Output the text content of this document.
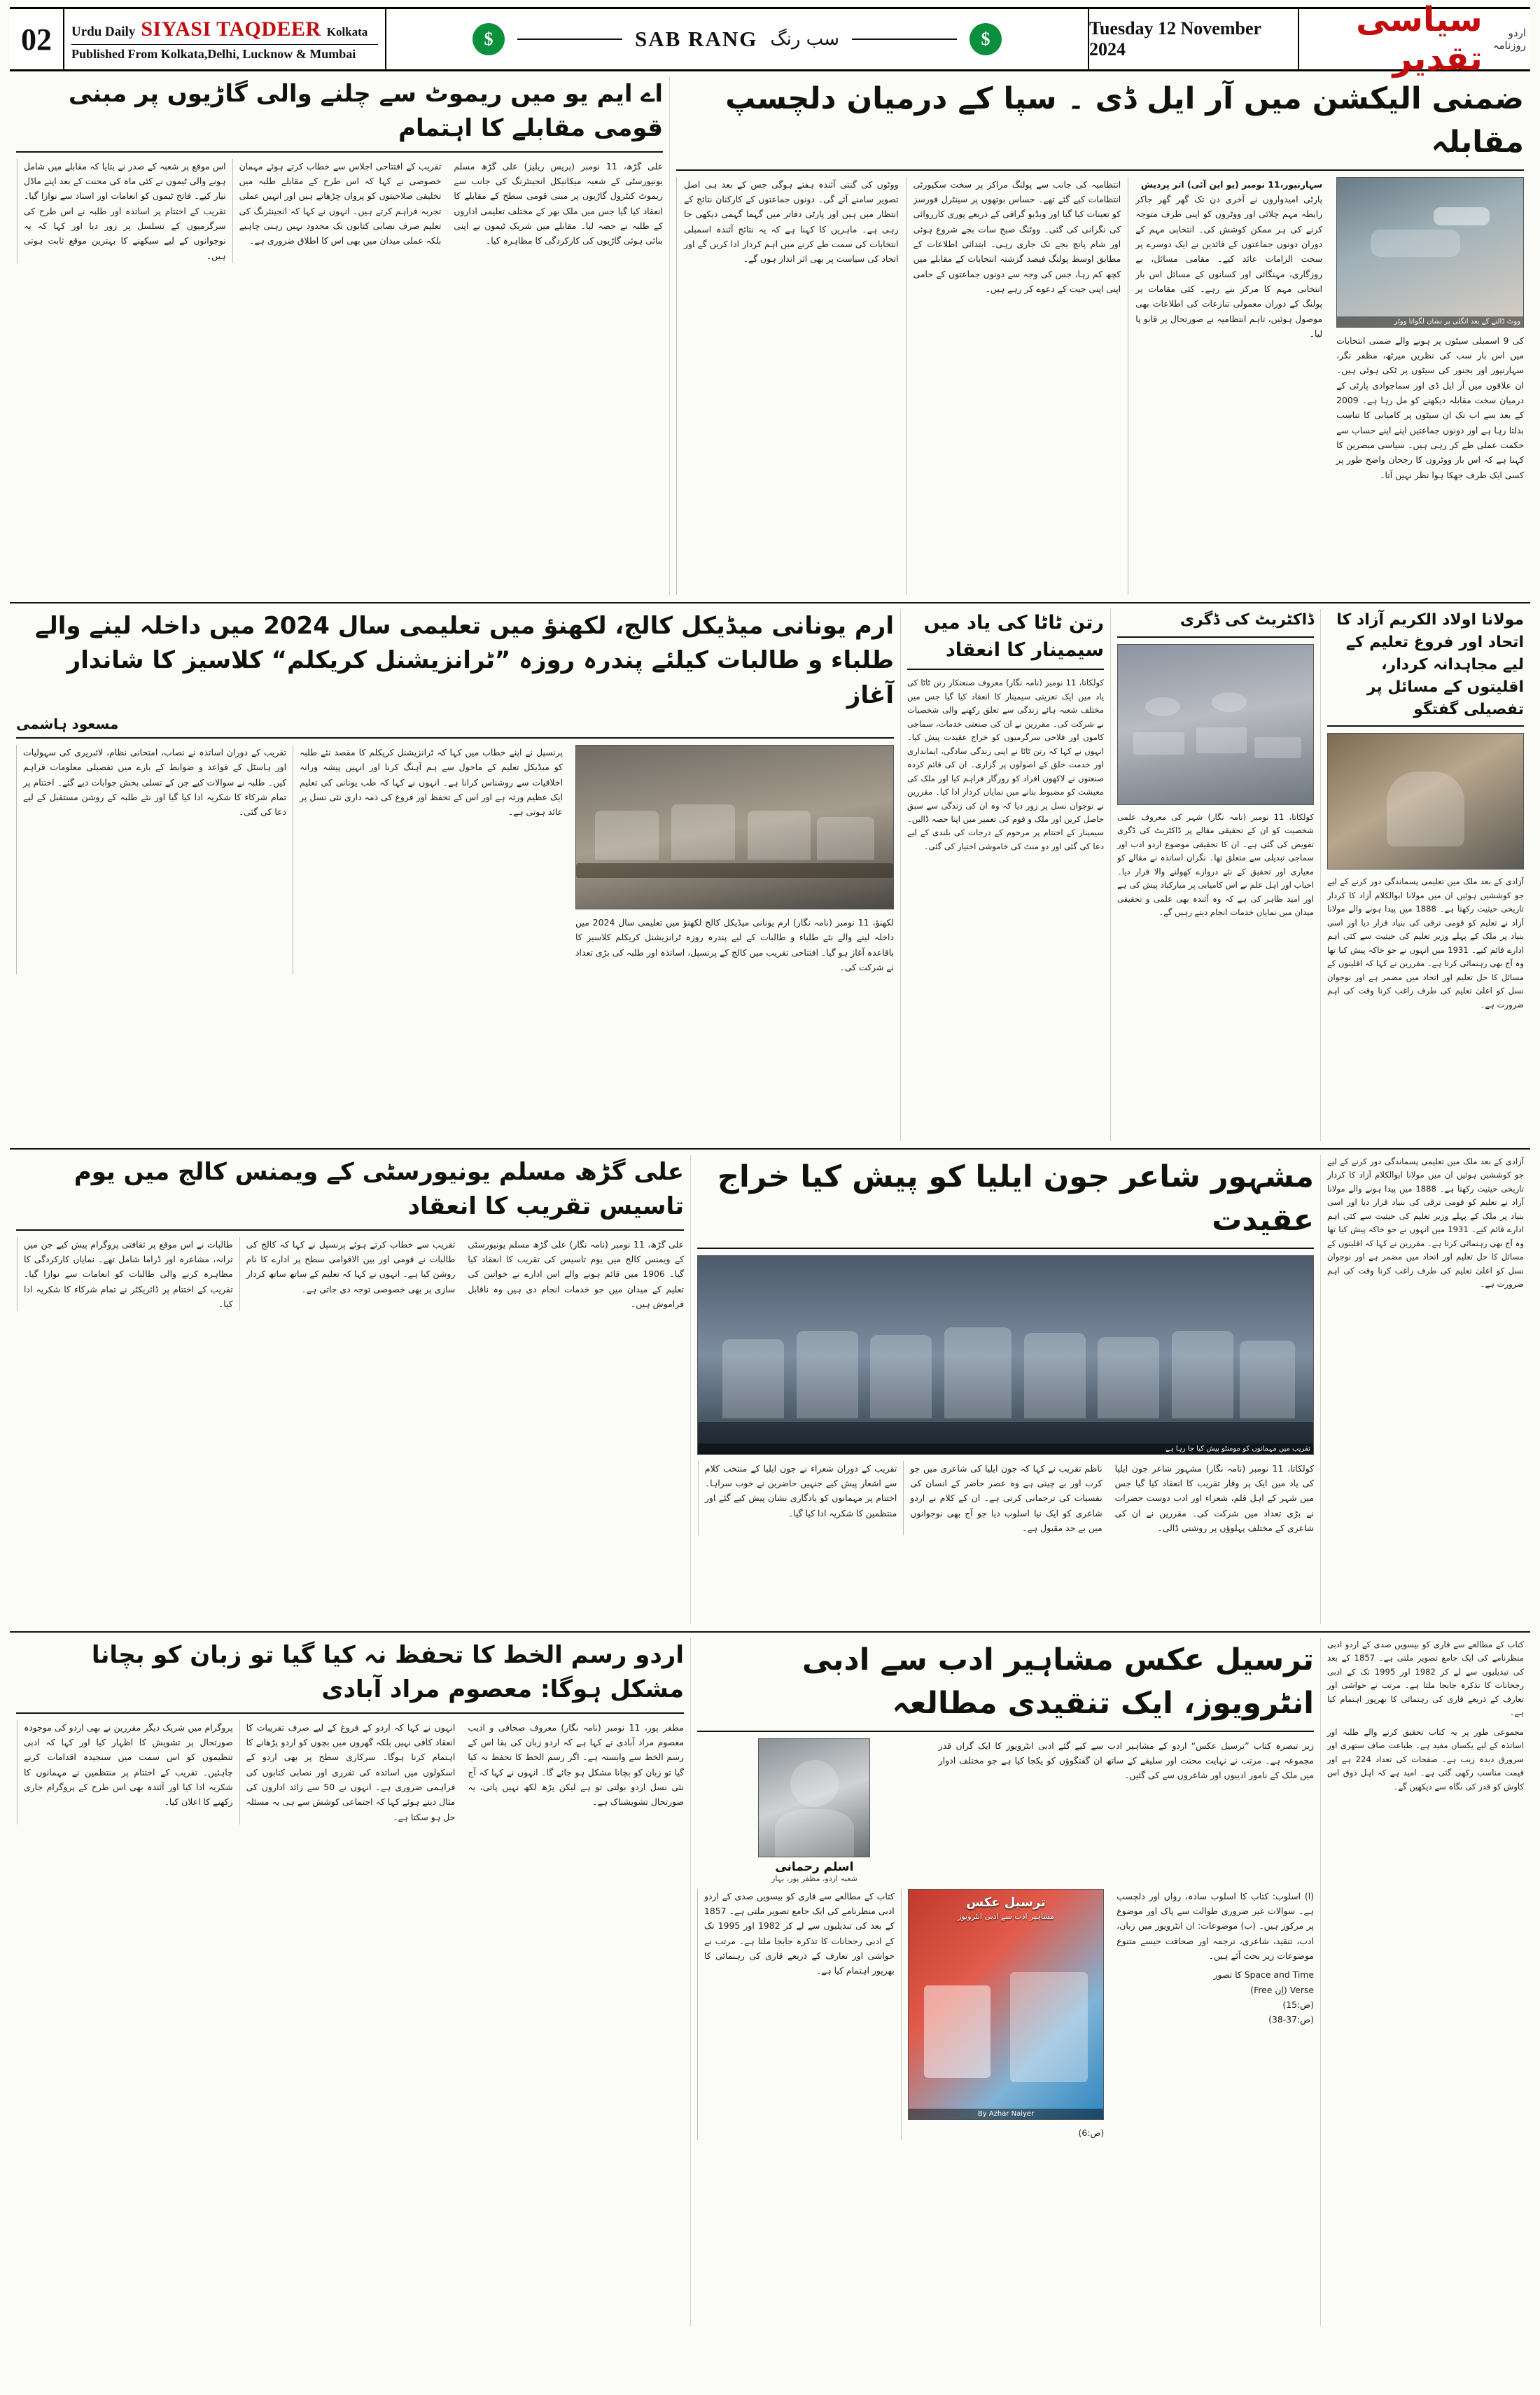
02	Urdu Daily SIYASI TAQDEER Kolkata
Published From Kolkata,Delhi, Lucknow & Mumbai
$	SAB RANG سب رنگ	$
Tuesday 12 November 2024
اردو روزنامہ
سیاسی تقدیر
ضمنی الیکشن میں آر ایل ڈی ۔ سپا کے درمیان دلچسپ مقابلہ
ووٹ ڈالنے کے بعد انگلی پر نشان لگواتا ووٹر
کی 9 اسمبلی سیٹوں پر ہونے والے ضمنی انتخابات میں اس بار سب کی نظریں میرٹھ، مظفر نگر، سہارنپور اور بجنور کی سیٹوں پر ٹکی ہوئی ہیں۔ ان علاقوں میں آر ایل ڈی اور سماجوادی پارٹی کے درمیان سخت مقابلہ دیکھنے کو مل رہا ہے۔ 2009 کے بعد سے اب تک ان سیٹوں پر کامیابی کا تناسب بدلتا رہا ہے اور دونوں جماعتیں اپنے اپنے حساب سے حکمت عملی طے کر رہی ہیں۔ سیاسی مبصرین کا کہنا ہے کہ اس بار ووٹروں کا رجحان واضح طور پر کسی ایک طرف جھکا ہوا نظر نہیں آتا۔
سہارنپور،11 نومبر (یو این آئی) اتر پردیش
پارٹی امیدواروں نے آخری دن تک گھر گھر جاکر رابطہ مہم چلائی اور ووٹروں کو اپنی طرف متوجہ کرنے کی ہر ممکن کوشش کی۔ انتخابی مہم کے دوران دونوں جماعتوں کے قائدین نے ایک دوسرے پر سخت الزامات عائد کیے۔ مقامی مسائل، بے روزگاری، مہنگائی اور کسانوں کے مسائل اس بار انتخابی مہم کا مرکز بنے رہے۔ کئی مقامات پر پولنگ کے دوران معمولی تنازعات کی اطلاعات بھی موصول ہوئیں، تاہم انتظامیہ نے صورتحال پر قابو پا لیا۔
انتظامیہ کی جانب سے پولنگ مراکز پر سخت سکیورٹی انتظامات کیے گئے تھے۔ حساس بوتھوں پر سینٹرل فورسز کو تعینات کیا گیا اور ویڈیو گرافی کے ذریعے پوری کارروائی کی نگرانی کی گئی۔ ووٹنگ صبح سات بجے شروع ہوئی اور شام پانچ بجے تک جاری رہی۔ ابتدائی اطلاعات کے مطابق اوسط پولنگ فیصد گزشتہ انتخابات کے مقابلے میں کچھ کم رہا، جس کی وجہ سے دونوں جماعتوں کے حامی اپنی اپنی جیت کے دعوے کر رہے ہیں۔
ووٹوں کی گنتی آئندہ ہفتے ہوگی جس کے بعد ہی اصل تصویر سامنے آئے گی۔ دونوں جماعتوں کے کارکنان نتائج کے انتظار میں ہیں اور پارٹی دفاتر میں گہما گہمی دیکھی جا رہی ہے۔ ماہرین کا کہنا ہے کہ یہ نتائج آئندہ اسمبلی انتخابات کی سمت طے کرنے میں اہم کردار ادا کریں گے اور اتحاد کی سیاست پر بھی اثر انداز ہوں گے۔
اے ایم یو میں ریموٹ سے چلنے والی گاڑیوں پر مبنی قومی مقابلے کا اہتمام
علی گڑھ، 11 نومبر (پریس ریلیز) علی گڑھ مسلم یونیورسٹی کے شعبہ میکانیکل انجینئرنگ کی جانب سے ریموٹ کنٹرول گاڑیوں پر مبنی قومی سطح کے مقابلے کا انعقاد کیا گیا جس میں ملک بھر کے مختلف تعلیمی اداروں کے طلبہ نے حصہ لیا۔ مقابلے میں شریک ٹیموں نے اپنی بنائی ہوئی گاڑیوں کی کارکردگی کا مظاہرہ کیا۔
تقریب کے افتتاحی اجلاس سے خطاب کرتے ہوئے مہمان خصوصی نے کہا کہ اس طرح کے مقابلے طلبہ میں تخلیقی صلاحیتوں کو پروان چڑھاتے ہیں اور انہیں عملی تجربہ فراہم کرتے ہیں۔ انہوں نے کہا کہ انجینئرنگ کی تعلیم صرف نصابی کتابوں تک محدود نہیں رہنی چاہیے بلکہ عملی میدان میں بھی اس کا اطلاق ضروری ہے۔
اس موقع پر شعبہ کے صدر نے بتایا کہ مقابلے میں شامل ہونے والی ٹیموں نے کئی ماہ کی محنت کے بعد اپنے ماڈل تیار کیے۔ فاتح ٹیموں کو انعامات اور اسناد سے نوازا گیا۔ تقریب کے اختتام پر اساتذہ اور طلبہ نے اس طرح کی سرگرمیوں کے تسلسل پر زور دیا اور کہا کہ یہ نوجوانوں کے لیے سیکھنے کا بہترین موقع ثابت ہوتی ہیں۔
مولانا اولاد الکریم آزاد کا اتحاد اور فروغ تعلیم کے لیے مجاہدانہ کردار، اقلیتوں کے مسائل پر تفصیلی گفتگو
آزادی کے بعد ملک میں تعلیمی پسماندگی دور کرنے کے لیے جو کوششیں ہوئیں ان میں مولانا ابوالکلام آزاد کا کردار تاریخی حیثیت رکھتا ہے۔ 1888 میں پیدا ہونے والے مولانا آزاد نے تعلیم کو قومی ترقی کی بنیاد قرار دیا اور اسی بنیاد پر ملک کے پہلے وزیر تعلیم کی حیثیت سے کئی اہم ادارے قائم کیے۔ 1931 میں انہوں نے جو خاکہ پیش کیا تھا وہ آج بھی رہنمائی کرتا ہے۔ مقررین نے کہا کہ اقلیتوں کے مسائل کا حل تعلیم اور اتحاد میں مضمر ہے اور نوجوان نسل کو اعلیٰ تعلیم کی طرف راغب کرنا وقت کی اہم ضرورت ہے۔
ڈاکٹریٹ کی ڈگری
کولکاتا، 11 نومبر (نامہ نگار) شہر کی معروف علمی شخصیت کو ان کے تحقیقی مقالے پر ڈاکٹریٹ کی ڈگری تفویض کی گئی ہے۔ ان کا تحقیقی موضوع اردو ادب اور سماجی تبدیلی سے متعلق تھا۔ نگران اساتذہ نے مقالے کو معیاری اور تحقیق کے نئے دروازے کھولنے والا قرار دیا۔ احباب اور اہل علم نے اس کامیابی پر مبارکباد پیش کی ہے اور امید ظاہر کی ہے کہ وہ آئندہ بھی علمی و تحقیقی میدان میں نمایاں خدمات انجام دیتے رہیں گے۔
رتن ٹاٹا کی یاد میں سیمینار کا انعقاد
کولکاتا، 11 نومبر (نامہ نگار) معروف صنعتکار رتن ٹاٹا کی یاد میں ایک تعزیتی سیمینار کا انعقاد کیا گیا جس میں مختلف شعبہ ہائے زندگی سے تعلق رکھنے والی شخصیات نے شرکت کی۔ مقررین نے ان کی صنعتی خدمات، سماجی کاموں اور فلاحی سرگرمیوں کو خراج عقیدت پیش کیا۔ انہوں نے کہا کہ رتن ٹاٹا نے اپنی زندگی سادگی، ایمانداری اور خدمت خلق کے اصولوں پر گزاری۔ ان کی قائم کردہ صنعتوں نے لاکھوں افراد کو روزگار فراہم کیا اور ملک کی معیشت کو مضبوط بنانے میں نمایاں کردار ادا کیا۔ مقررین نے نوجوان نسل پر زور دیا کہ وہ ان کی زندگی سے سبق حاصل کریں اور ملک و قوم کی تعمیر میں اپنا حصہ ڈالیں۔ سیمینار کے اختتام پر مرحوم کے درجات کی بلندی کے لیے دعا کی گئی اور دو منٹ کی خاموشی اختیار کی گئی۔
ارم یونانی میڈیکل کالج، لکھنؤ میں تعلیمی سال 2024 میں داخلہ لینے والے طلباء و طالبات کیلئے پندرہ روزہ ”ٹرانزیشنل کریکلم“ کلاسیز کا شاندار آغاز
مسعود ہاشمی
لکھنؤ، 11 نومبر (نامہ نگار) ارم یونانی میڈیکل کالج لکھنؤ میں تعلیمی سال 2024 میں داخلہ لینے والے نئے طلباء و طالبات کے لیے پندرہ روزہ ٹرانزیشنل کریکلم کلاسیز کا باقاعدہ آغاز ہو گیا۔ افتتاحی تقریب میں کالج کے پرنسپل، اساتذہ اور طلبہ کی بڑی تعداد نے شرکت کی۔
پرنسپل نے اپنے خطاب میں کہا کہ ٹرانزیشنل کریکلم کا مقصد نئے طلبہ کو میڈیکل تعلیم کے ماحول سے ہم آہنگ کرنا اور انہیں پیشہ ورانہ اخلاقیات سے روشناس کرانا ہے۔ انہوں نے کہا کہ طب یونانی کی تعلیم ایک عظیم ورثہ ہے اور اس کے تحفظ اور فروغ کی ذمہ داری نئی نسل پر عائد ہوتی ہے۔
تقریب کے دوران اساتذہ نے نصاب، امتحانی نظام، لائبریری کی سہولیات اور ہاسٹل کے قواعد و ضوابط کے بارے میں تفصیلی معلومات فراہم کیں۔ طلبہ نے سوالات کیے جن کے تسلی بخش جوابات دیے گئے۔ اختتام پر تمام شرکاء کا شکریہ ادا کیا گیا اور نئے طلبہ کے روشن مستقبل کے لیے دعا کی گئی۔
آزادی کے بعد ملک میں تعلیمی پسماندگی دور کرنے کے لیے جو کوششیں ہوئیں ان میں مولانا ابوالکلام آزاد کا کردار تاریخی حیثیت رکھتا ہے۔ 1888 میں پیدا ہونے والے مولانا آزاد نے تعلیم کو قومی ترقی کی بنیاد قرار دیا اور اسی بنیاد پر ملک کے پہلے وزیر تعلیم کی حیثیت سے کئی اہم ادارے قائم کیے۔ 1931 میں انہوں نے جو خاکہ پیش کیا تھا وہ آج بھی رہنمائی کرتا ہے۔ مقررین نے کہا کہ اقلیتوں کے مسائل کا حل تعلیم اور اتحاد میں مضمر ہے اور نوجوان نسل کو اعلیٰ تعلیم کی طرف راغب کرنا وقت کی اہم ضرورت ہے۔
مشہور شاعر جون ایلیا کو پیش کیا خراج عقیدت
تقریب میں مہمانوں کو مومنٹو پیش کیا جا رہا ہے
کولکاتا، 11 نومبر (نامہ نگار) مشہور شاعر جون ایلیا کی یاد میں ایک پر وقار تقریب کا انعقاد کیا گیا جس میں شہر کے اہل قلم، شعراء اور ادب دوست حضرات نے بڑی تعداد میں شرکت کی۔ مقررین نے ان کی شاعری کے مختلف پہلوؤں پر روشنی ڈالی۔
ناظم تقریب نے کہا کہ جون ایلیا کی شاعری میں جو کرب اور بے چینی ہے وہ عصر حاضر کے انسان کی نفسیات کی ترجمانی کرتی ہے۔ ان کے کلام نے اردو شاعری کو ایک نیا اسلوب دیا جو آج بھی نوجوانوں میں بے حد مقبول ہے۔
تقریب کے دوران شعراء نے جون ایلیا کے منتخب کلام سے اشعار پیش کیے جنہیں حاضرین نے خوب سراہا۔ اختتام پر مہمانوں کو یادگاری نشان پیش کیے گئے اور منتظمین کا شکریہ ادا کیا گیا۔
علی گڑھ مسلم یونیورسٹی کے ویمنس کالج میں یوم تاسیس تقریب کا انعقاد
علی گڑھ، 11 نومبر (نامہ نگار) علی گڑھ مسلم یونیورسٹی کے ویمنس کالج میں یوم تاسیس کی تقریب کا انعقاد کیا گیا۔ 1906 میں قائم ہونے والے اس ادارے نے خواتین کی تعلیم کے میدان میں جو خدمات انجام دی ہیں وہ ناقابل فراموش ہیں۔
تقریب سے خطاب کرتے ہوئے پرنسپل نے کہا کہ کالج کی طالبات نے قومی اور بین الاقوامی سطح پر ادارے کا نام روشن کیا ہے۔ انہوں نے کہا کہ تعلیم کے ساتھ ساتھ کردار سازی پر بھی خصوصی توجہ دی جاتی ہے۔
طالبات نے اس موقع پر ثقافتی پروگرام پیش کیے جن میں ترانہ، مشاعرہ اور ڈراما شامل تھے۔ نمایاں کارکردگی کا مظاہرہ کرنے والی طالبات کو انعامات سے نوازا گیا۔ تقریب کے اختتام پر ڈائریکٹر نے تمام شرکاء کا شکریہ ادا کیا۔
کتاب کے مطالعے سے قاری کو بیسویں صدی کے اردو ادبی منظرنامے کی ایک جامع تصویر ملتی ہے۔ 1857 کے بعد کی تبدیلیوں سے لے کر 1982 اور 1995 تک کے ادبی رجحانات کا تذکرہ جابجا ملتا ہے۔ مرتب نے حواشی اور تعارف کے ذریعے قاری کی رہنمائی کا بھرپور اہتمام کیا ہے۔
مجموعی طور پر یہ کتاب تحقیق کرنے والے طلبہ اور اساتذہ کے لیے یکساں مفید ہے۔ طباعت صاف ستھری اور سرورق دیدہ زیب ہے۔ صفحات کی تعداد 224 ہے اور قیمت مناسب رکھی گئی ہے۔ امید ہے کہ اہل ذوق اس کاوش کو قدر کی نگاہ سے دیکھیں گے۔
ترسیل عکس مشاہیر ادب سے ادبی انٹرویوز، ایک تنقیدی مطالعہ
زیر تبصرہ کتاب ”ترسیل عکس“ اردو کے مشاہیر ادب سے کیے گئے ادبی انٹرویوز کا ایک گراں قدر مجموعہ ہے۔ مرتب نے نہایت محنت اور سلیقے کے ساتھ ان گفتگوؤں کو یکجا کیا ہے جو مختلف ادوار میں ملک کے نامور ادیبوں اور شاعروں سے کی گئیں۔
اسلم رحمانی
شعبہ اردو، مظفر پور، بہار
(ا) اسلوب: کتاب کا اسلوب سادہ، رواں اور دلچسپ ہے۔ سوالات غیر ضروری طوالت سے پاک اور موضوع پر مرکوز ہیں۔ (ب) موضوعات: ان انٹرویوز میں زبان، ادب، تنقید، شاعری، ترجمہ اور صحافت جیسے متنوع موضوعات زیر بحث آئے ہیں۔
Space and Time کا تصور
Verse (اِن Free)
(ص:15)
(ص:37-38)
ترسیل عکس
مشاہیر ادب سے ادبی انٹرویوز
By Azhar Naiyer
(ص:6)
کتاب کے مطالعے سے قاری کو بیسویں صدی کے اردو ادبی منظرنامے کی ایک جامع تصویر ملتی ہے۔ 1857 کے بعد کی تبدیلیوں سے لے کر 1982 اور 1995 تک کے ادبی رجحانات کا تذکرہ جابجا ملتا ہے۔ مرتب نے حواشی اور تعارف کے ذریعے قاری کی رہنمائی کا بھرپور اہتمام کیا ہے۔
اردو رسم الخط کا تحفظ نہ کیا گیا تو زبان کو بچانا مشکل ہوگا: معصوم مراد آبادی
مظفر پور، 11 نومبر (نامہ نگار) معروف صحافی و ادیب معصوم مراد آبادی نے کہا ہے کہ اردو زبان کی بقا اس کے رسم الخط سے وابستہ ہے۔ اگر رسم الخط کا تحفظ نہ کیا گیا تو زبان کو بچانا مشکل ہو جائے گا۔ انہوں نے کہا کہ آج نئی نسل اردو بولتی تو ہے لیکن پڑھ لکھ نہیں پاتی، یہ صورتحال تشویشناک ہے۔
انہوں نے کہا کہ اردو کے فروغ کے لیے صرف تقریبات کا انعقاد کافی نہیں بلکہ گھروں میں بچوں کو اردو پڑھانے کا اہتمام کرنا ہوگا۔ سرکاری سطح پر بھی اردو کے اسکولوں میں اساتذہ کی تقرری اور نصابی کتابوں کی فراہمی ضروری ہے۔ انہوں نے 50 سے زائد اداروں کی مثال دیتے ہوئے کہا کہ اجتماعی کوشش سے ہی یہ مسئلہ حل ہو سکتا ہے۔
پروگرام میں شریک دیگر مقررین نے بھی اردو کی موجودہ صورتحال پر تشویش کا اظہار کیا اور کہا کہ ادبی تنظیموں کو اس سمت میں سنجیدہ اقدامات کرنے چاہئیں۔ تقریب کے اختتام پر منتظمین نے مہمانوں کا شکریہ ادا کیا اور آئندہ بھی اس طرح کے پروگرام جاری رکھنے کا اعلان کیا۔
